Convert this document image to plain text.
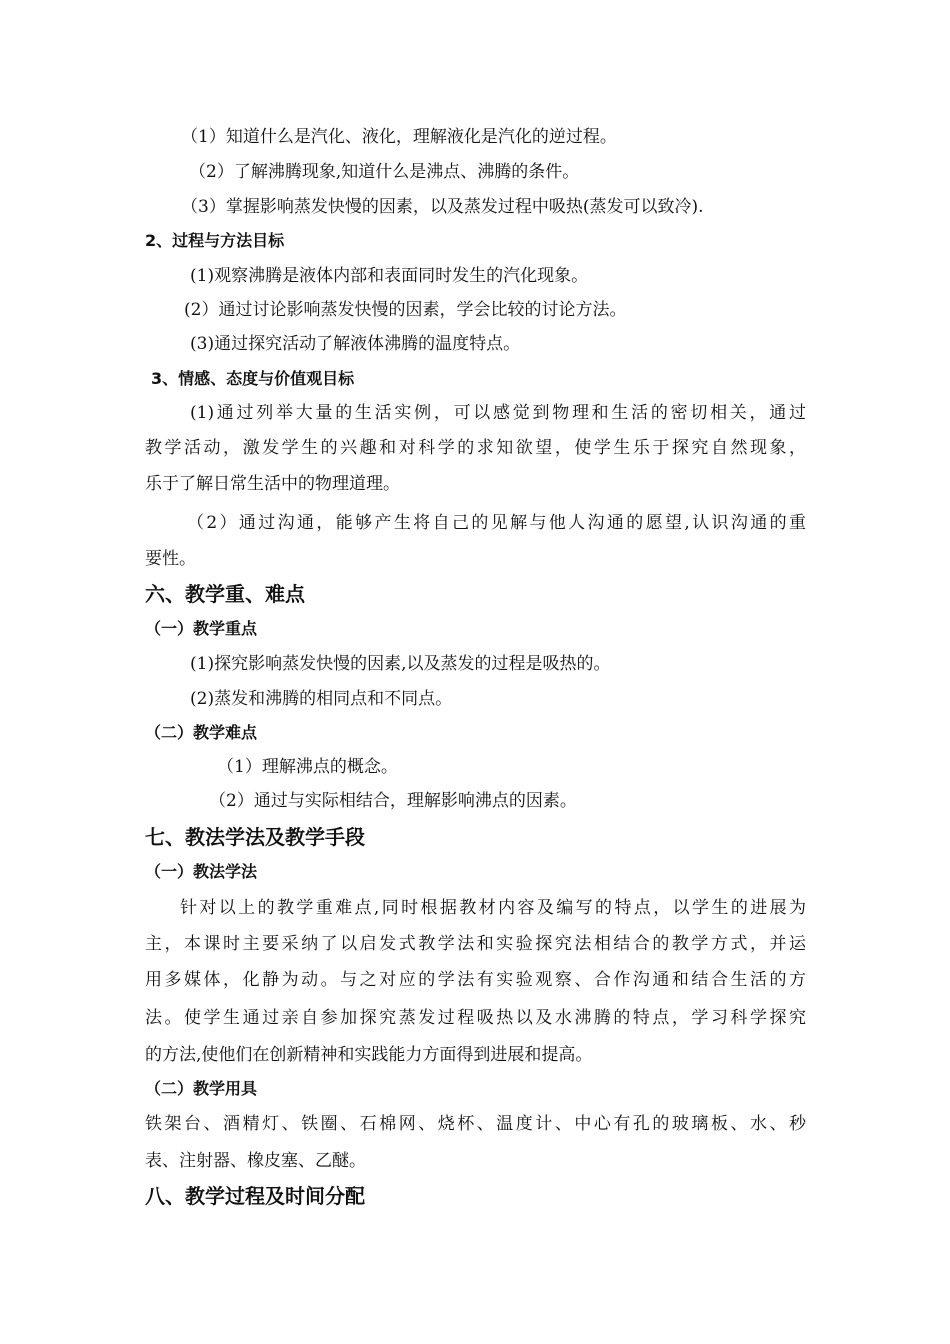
（1）知道什么是汽化、液化，理解液化是汽化的逆过程。
（2）了解沸腾现象,知道什么是沸点、沸腾的条件。
（3）掌握影响蒸发快慢的因素，以及蒸发过程中吸热(蒸发可以致冷).
2、过程与方法目标
(1)观察沸腾是液体内部和表面同时发生的汽化现象。
(2）通过讨论影响蒸发快慢的因素，学会比较的讨论方法。
(3)通过探究活动了解液体沸腾的温度特点。
3、情感、态度与价值观目标
(1)通过列举大量的生活实例，可以感觉到物理和生活的密切相关，通过
教学活动，激发学生的兴趣和对科学的求知欲望，使学生乐于探究自然现象，
乐于了解日常生活中的物理道理。
（2）通过沟通，能够产生将自己的见解与他人沟通的愿望,认识沟通的重
要性。
六、教学重、难点
（一）教学重点
(1)探究影响蒸发快慢的因素,以及蒸发的过程是吸热的。
(2)蒸发和沸腾的相同点和不同点。
（二）教学难点
（1）理解沸点的概念。
（2）通过与实际相结合，理解影响沸点的因素。
七、教法学法及教学手段
（一）教法学法
针对以上的教学重难点,同时根据教材内容及编写的特点，以学生的进展为
主，本课时主要采纳了以启发式教学法和实验探究法相结合的教学方式，并运
用多媒体，化静为动。与之对应的学法有实验观察、合作沟通和结合生活的方
法。使学生通过亲自参加探究蒸发过程吸热以及水沸腾的特点，学习科学探究
的方法,使他们在创新精神和实践能力方面得到进展和提高。
（二）教学用具
铁架台、酒精灯、铁圈、石棉网、烧杯、温度计、中心有孔的玻璃板、水、秒
表、注射器、橡皮塞、乙醚。
八、教学过程及时间分配
